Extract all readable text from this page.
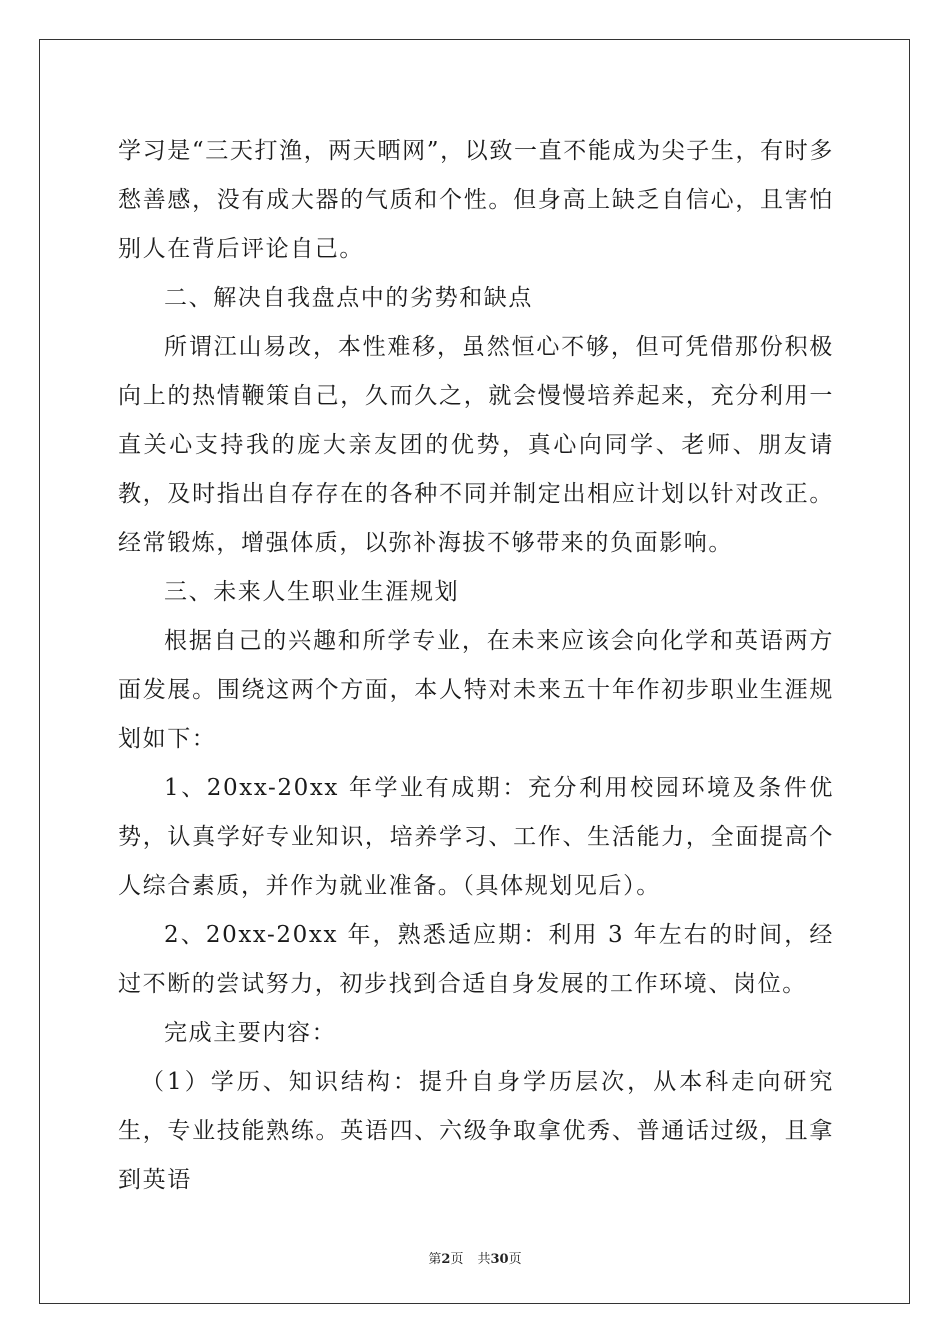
学习是“三天打渔，两天晒网”，以致一直不能成为尖子生，有时多愁善感，没有成大器的气质和个性。但身高上缺乏自信心，且害怕别人在背后评论自己。

二、解决自我盘点中的劣势和缺点

所谓江山易改，本性难移，虽然恒心不够，但可凭借那份积极向上的热情鞭策自己，久而久之，就会慢慢培养起来，充分利用一直关心支持我的庞大亲友团的优势，真心向同学、老师、朋友请教，及时指出自存存在的各种不同并制定出相应计划以针对改正。经常锻炼，增强体质，以弥补海拔不够带来的负面影响。

三、未来人生职业生涯规划

根据自己的兴趣和所学专业，在未来应该会向化学和英语两方面发展。围绕这两个方面，本人特对未来五十年作初步职业生涯规划如下：

1、20xx-20xx 年学业有成期：充分利用校园环境及条件优势，认真学好专业知识，培养学习、工作、生活能力，全面提高个人综合素质，并作为就业准备。（具体规划见后）。

2、20xx-20xx 年，熟悉适应期：利用 3 年左右的时间，经过不断的尝试努力，初步找到合适自身发展的工作环境、岗位。

完成主要内容：

（1）学历、知识结构：提升自身学历层次，从本科走向研究生，专业技能熟练。英语四、六级争取拿优秀、普通话过级，且拿到英语

第2页 共30页
